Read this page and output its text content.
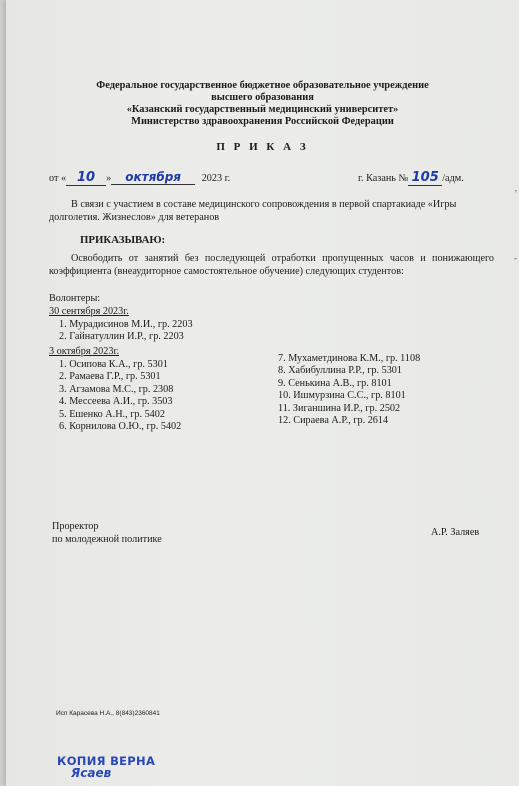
Федеральное государственное бюджетное образовательное учреждение
высшего образования
«Казанский государственный медицинский университет»
Министерство здравоохранения Российской Федерации
П Р И К А З
от « 10 » октября 2023 г.	г. Казань № 105 /адм.
В связи с участием в составе медицинского сопровождения в первой спартакиаде «Игры долголетия. Жизнеслов» для ветеранов
ПРИКАЗЫВАЮ:
Освободить от занятий без последующей отработки пропущенных часов и понижающего коэффициента (внеаудиторное самостоятельное обучение) следующих студентов:
Волонтеры:
30 сентября 2023г.
1. Мурадисинов М.И., гр. 2203
2. Гайнатуллин И.Р., гр. 2203
3 октября 2023г.
1. Осипова К.А., гр. 5301
2. Рамаева Г.Р., гр. 5301
3. Агзамова М.С., гр. 2308
4. Мессеева А.И., гр. 3503
5. Ешенко А.Н., гр. 5402
6. Корнилова О.Ю., гр. 5402
7. Мухаметдинова К.М., гр. 1108
8. Хабибуллина Р.Р., гр. 5301
9. Сенькина А.В., гр. 8101
10. Ишмурзина С.С., гр. 8101
11. Зиганшина И.Р., гр. 2502
12. Сираева А.Р., гр. 2614
Проректор
по молодежной политике
А.Р. Заляев
Исп Карасева Н.А., 8(843)2360841
КОПИЯ ВЕРНА
Ясаев
,
-
